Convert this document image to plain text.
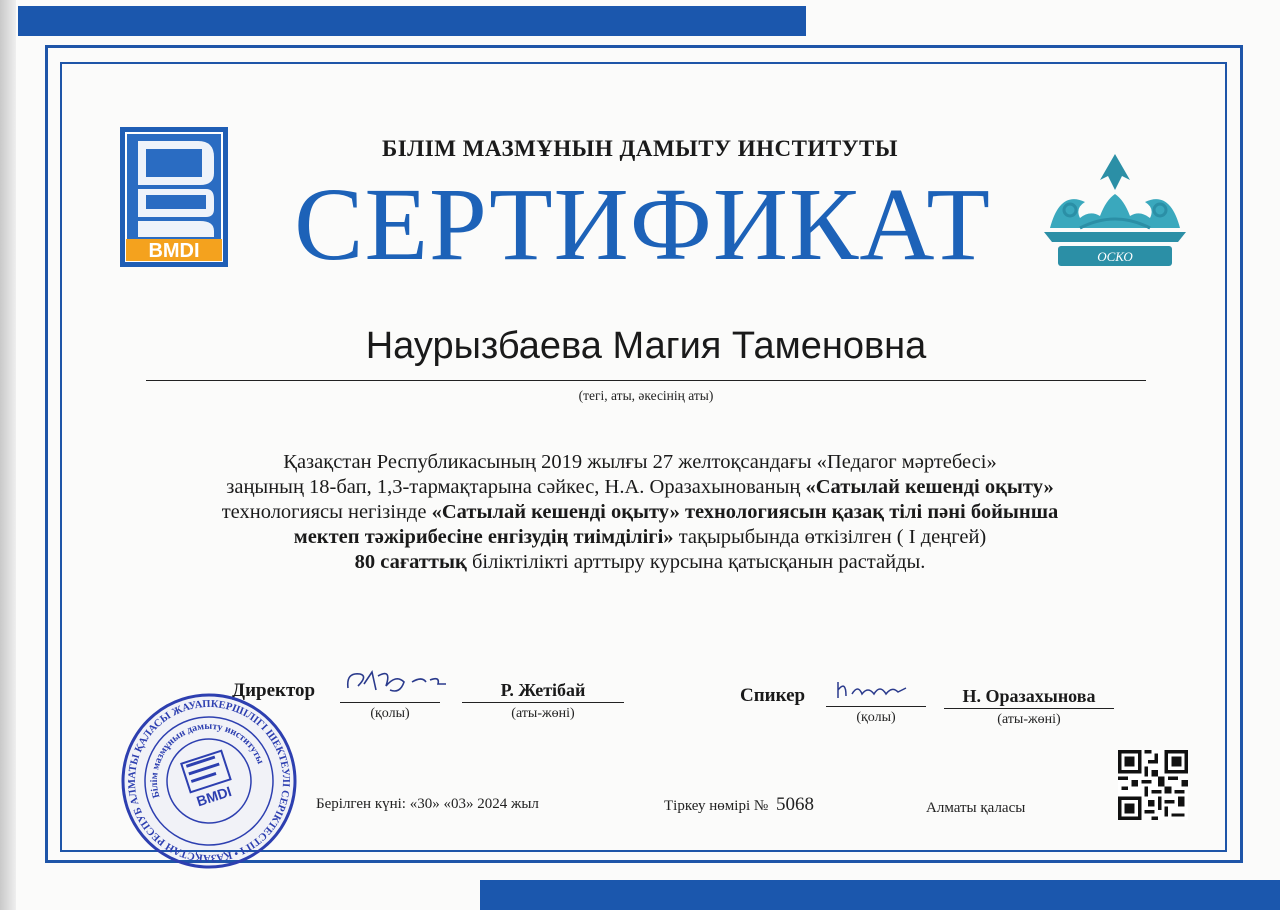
BMDI
БІЛІМ МАЗМҰНЫН ДАМЫТУ ИНСТИТУТЫ
СЕРТИФИКАТ	ОСКО
Наурызбаева Магия Таменовна
(тегі, аты, әкесінің аты)
Қазақстан Республикасының 2019 жылғы 27 желтоқсандағы «Педагог мәртебесі»
заңының 18-бап, 1,3-тармақтарына сәйкес, Н.А. Оразахынованың «Сатылай кешенді оқыту»
технологиясы негізінде «Сатылай кешенді оқыту» технологиясын қазақ тілі пәні бойынша
мектеп тәжірибесіне енгізудің тиімділігі» тақырыбында өткізілген ( І деңгей)
80 сағаттық біліктілікті арттыру курсына қатысқанын растайды.
Директор
(қолы)
Р. Жетібай
(аты-жөні)
Спикер
(қолы)
Н. Оразахынова
(аты-жөні)
Берілген күні: «30» «03» 2024 жыл	Тіркеу нөмірі № 5068	Алматы қаласы
АЛМАТЫ ҚАЛАСЫ ЖАУАПКЕРШІЛІГІ ШЕКТЕУЛІ СЕРІКТЕСТІГІ • ҚАЗАҚСТАН РЕСПУБЛИКАСЫ
Білім мазмұнын дамыту институты
BMDI
